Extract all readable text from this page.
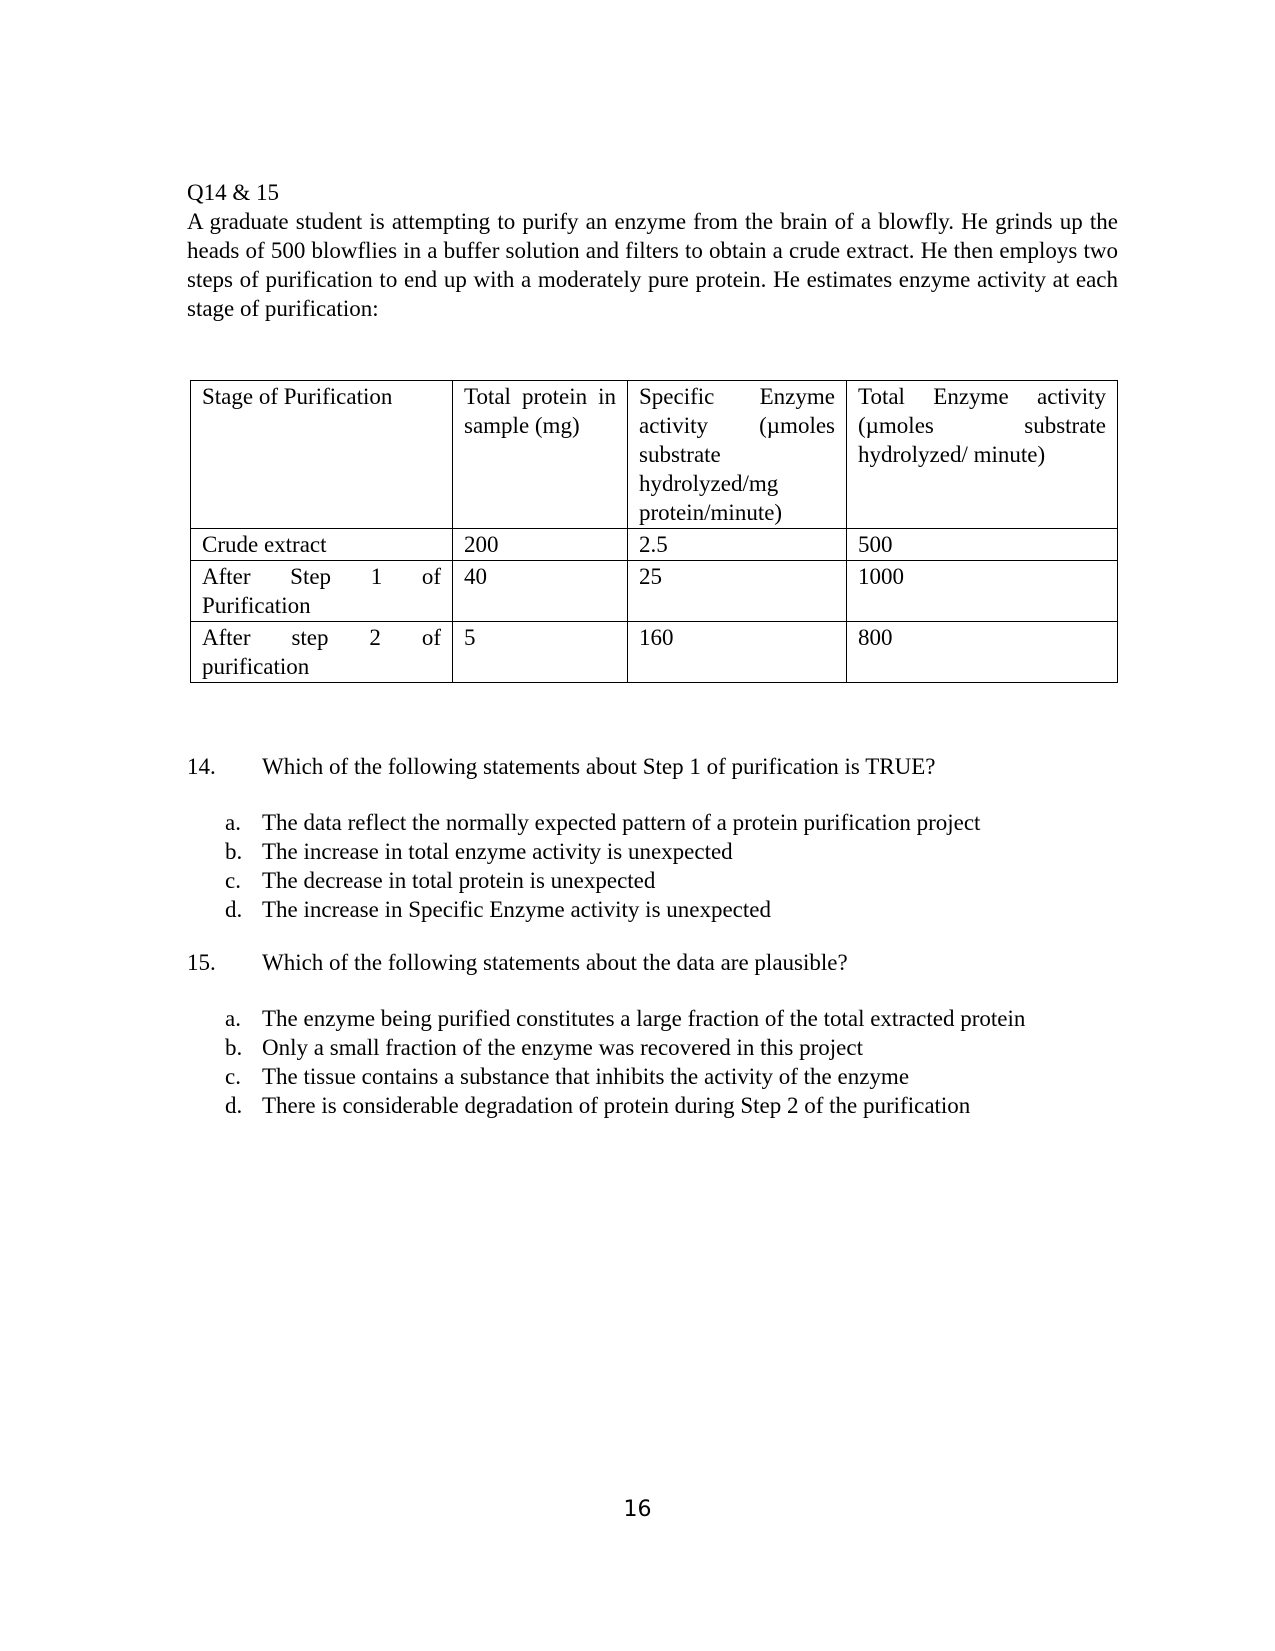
Q14 & 15

A graduate student is attempting to purify an enzyme from the brain of a blowfly. He grinds up the heads of 500 blowflies in a buffer solution and filters to obtain a crude extract. He then employs two steps of purification to end up with a moderately pure protein. He estimates enzyme activity at each stage of purification:

Stage of Purification	Total protein in sample (mg)	Specific Enzyme activity (µmoles substrate hydrolyzed/mg protein/minute)	Total Enzyme activity (µmoles substrate hydrolyzed/ minute)
Crude extract	200	2.5	500
After Step 1 of Purification	40	25	1000
After step 2 of purification	5	160	800
14. Which of the following statements about Step 1 of purification is TRUE?
a. The data reflect the normally expected pattern of a protein purification project
b. The increase in total enzyme activity is unexpected
c. The decrease in total protein is unexpected
d. The increase in Specific Enzyme activity is unexpected
15. Which of the following statements about the data are plausible?
a. The enzyme being purified constitutes a large fraction of the total extracted protein
b. Only a small fraction of the enzyme was recovered in this project
c. The tissue contains a substance that inhibits the activity of the enzyme
d. There is considerable degradation of protein during Step 2 of the purification
16
